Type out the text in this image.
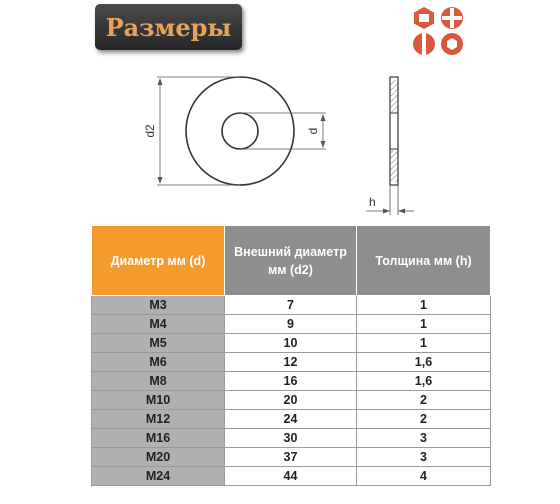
Размеры
d2	d
h
Диаметр мм (d)	Внешний диаметр мм (d2)	Толщина мм (h)
M3	7	1
M4	9	1
M5	10	1
M6	12	1,6
M8	16	1,6
M10	20	2
M12	24	2
M16	30	3
M20	37	3
M24	44	4
